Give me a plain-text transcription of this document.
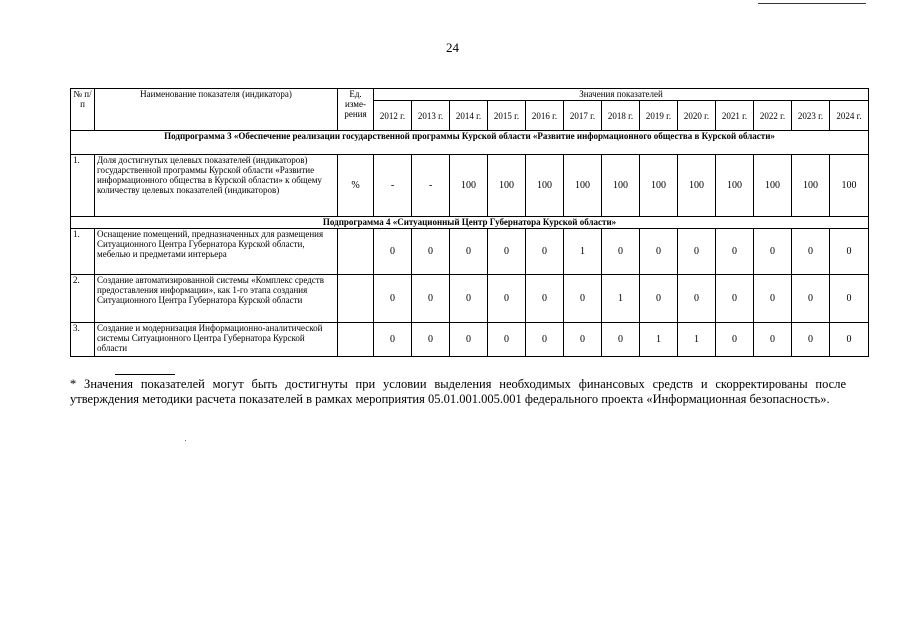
24
№ п/п	Наименование показателя (индикатора)	Ед. изме-рения	Значения показателей												
			2012 г.	2013 г.	2014 г.	2015 г.	2016 г.	2017 г.	2018 г.	2019 г.	2020 г.	2021 г.	2022 г.	2023 г.	2024 г.
Подпрограмма 3 «Обеспечение реализации государственной программы Курской области «Развитие информационного общества в Курской области»															
1.	Доля достигнутых целевых показателей (индикаторов) государственной программы Курской области «Развитие информационного общества в Курской области» к общему количеству целевых показателей (индикаторов)	%	-	-	100	100	100	100	100	100	100	100	100	100	100
Подпрограмма 4 «Ситуационный Центр Губернатора Курской области»															
1.	Оснащение помещений, предназначенных для размещения Ситуационного Центра Губернатора Курской области, мебелью и предметами интерьера		0	0	0	0	0	1	0	0	0	0	0	0	0
2.	Создание автоматизированной системы «Комплекс средств предоставления информации», как 1-го этапа создания Ситуационного Центра Губернатора Курской области		0	0	0	0	0	0	1	0	0	0	0	0	0
3.	Создание и модернизация Информационно-аналитической системы Ситуационного Центра Губернатора Курской области		0	0	0	0	0	0	0	1	1	0	0	0	0
* Значения показателей могут быть достигнуты при условии выделения необходимых финансовых средств и скорректированы после утверждения методики расчета показателей в рамках мероприятия 05.01.001.005.001 федерального проекта «Информационная безопасность».
